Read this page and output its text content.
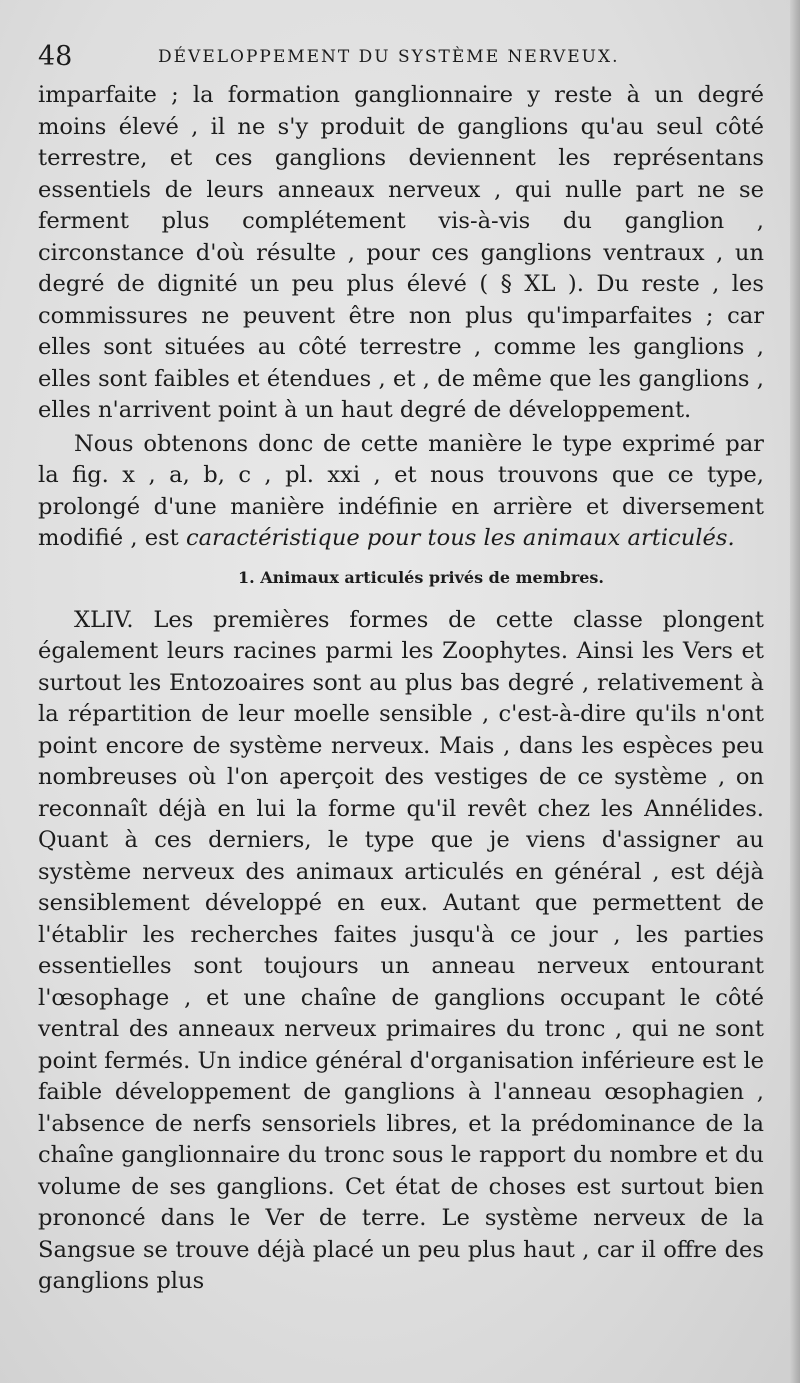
48	DÉVELOPPEMENT DU SYSTÈME NERVEUX.

imparfaite ; la formation ganglionnaire y reste à un degré moins élevé , il ne s'y produit de ganglions qu'au seul côté terrestre, et ces ganglions deviennent les représentans essentiels de leurs anneaux nerveux , qui nulle part ne se ferment plus complétement vis-à-vis du ganglion , circonstance d'où résulte , pour ces ganglions ventraux , un degré de dignité un peu plus élevé ( § XL ). Du reste , les commissures ne peuvent être non plus qu'imparfaites ; car elles sont situées au côté terrestre , comme les ganglions , elles sont faibles et étendues , et , de même que les ganglions , elles n'arrivent point à un haut degré de développement.

Nous obtenons donc de cette manière le type exprimé par la fig. x , a, b, c , pl. xxi , et nous trouvons que ce type, prolongé d'une manière indéfinie en arrière et diversement modifié , est caractéristique pour tous les animaux articulés.

1. Animaux articulés privés de membres.

XLIV. Les premières formes de cette classe plongent également leurs racines parmi les Zoophytes. Ainsi les Vers et surtout les Entozoaires sont au plus bas degré , relativement à la répartition de leur moelle sensible , c'est-à-dire qu'ils n'ont point encore de système nerveux. Mais , dans les espèces peu nombreuses où l'on aperçoit des vestiges de ce système , on reconnaît déjà en lui la forme qu'il revêt chez les Annélides. Quant à ces derniers, le type que je viens d'assigner au système nerveux des animaux articulés en général , est déjà sensiblement développé en eux. Autant que permettent de l'établir les recherches faites jusqu'à ce jour , les parties essentielles sont toujours un anneau nerveux entourant l'œsophage , et une chaîne de ganglions occupant le côté ventral des anneaux nerveux primaires du tronc , qui ne sont point fermés. Un indice général d'organisation inférieure est le faible développement de ganglions à l'anneau œsophagien , l'absence de nerfs sensoriels libres, et la prédominance de la chaîne ganglionnaire du tronc sous le rapport du nombre et du volume de ses ganglions. Cet état de choses est surtout bien prononcé dans le Ver de terre. Le système nerveux de la Sangsue se trouve déjà placé un peu plus haut , car il offre des ganglions plus
